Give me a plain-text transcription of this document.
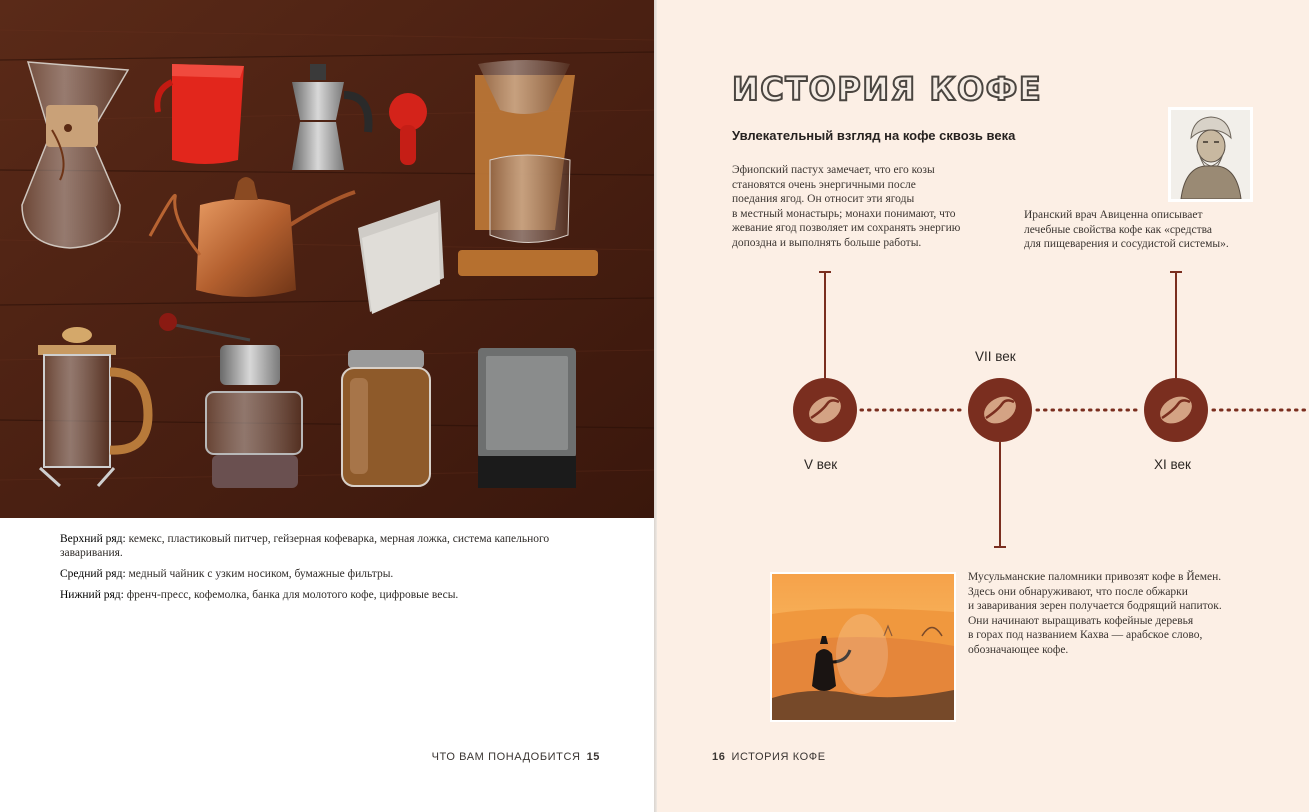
Верхний ряд: кемекс, пластиковый питчер, гейзерная кофеварка, мерная ложка, система капельного заваривания.

Средний ряд: медный чайник с узким носиком, бумажные фильтры.

Нижний ряд: френч-пресс, кофемолка, банка для молотого кофе, цифровые весы.

ЧТО ВАМ ПОНАДОБИТСЯ 15
ИСТОРИЯ КОФЕ
Увлекательный взгляд на кофе сквозь века
Эфиопский пастух замечает, что его козы
становятся очень энергичными после
поедания ягод. Он относит эти ягоды
в местный монастырь; монахи понимают, что
жевание ягод позволяет им сохранять энергию
допоздна и выполнять больше работы.
Иранский врач Авиценна описывает
лечебные свойства кофе как «средства
для пищеварения и сосудистой системы».
Мусульманские паломники привозят кофе в Йемен.
Здесь они обнаруживают, что после обжарки
и заваривания зерен получается бодрящий напиток.
Они начинают выращивать кофейные деревья
в горах под названием Кахва — арабское слово,
обозначающее кофе.
V век
VII век
XI век
16 ИСТОРИЯ КОФЕ
